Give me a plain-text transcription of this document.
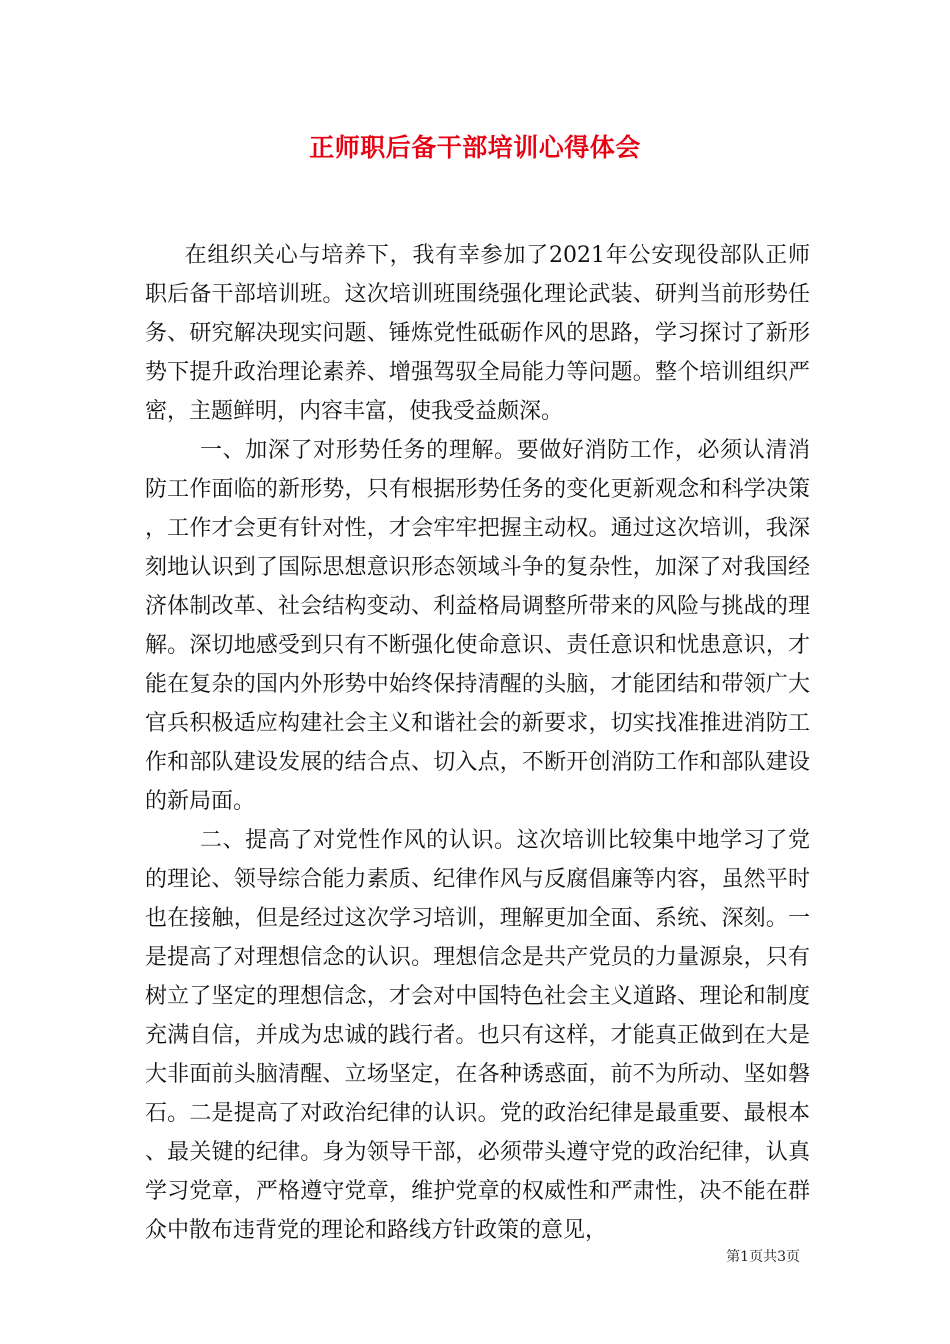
正师职后备干部培训心得体会

在组织关心与培养下，我有幸参加了2021年公安现役部队正师职后备干部培训班。这次培训班围绕强化理论武装、研判当前形势任务、研究解决现实问题、锤炼党性砥砺作风的思路，学习探讨了新形势下提升政治理论素养、增强驾驭全局能力等问题。整个培训组织严密，主题鲜明，内容丰富，使我受益颇深。

一、加深了对形势任务的理解。要做好消防工作，必须认清消防工作面临的新形势，只有根据形势任务的变化更新观念和科学决策，工作才会更有针对性，才会牢牢把握主动权。通过这次培训，我深刻地认识到了国际思想意识形态领域斗争的复杂性，加深了对我国经济体制改革、社会结构变动、利益格局调整所带来的风险与挑战的理解。深切地感受到只有不断强化使命意识、责任意识和忧患意识，才能在复杂的国内外形势中始终保持清醒的头脑，才能团结和带领广大官兵积极适应构建社会主义和谐社会的新要求，切实找准推进消防工作和部队建设发展的结合点、切入点，不断开创消防工作和部队建设的新局面。

二、提高了对党性作风的认识。这次培训比较集中地学习了党的理论、领导综合能力素质、纪律作风与反腐倡廉等内容，虽然平时也在接触，但是经过这次学习培训，理解更加全面、系统、深刻。一是提高了对理想信念的认识。理想信念是共产党员的力量源泉，只有树立了坚定的理想信念，才会对中国特色社会主义道路、理论和制度充满自信，并成为忠诚的践行者。也只有这样，才能真正做到在大是大非面前头脑清醒、立场坚定，在各种诱惑面，前不为所动、坚如磐石。二是提高了对政治纪律的认识。党的政治纪律是最重要、最根本、最关键的纪律。身为领导干部，必须带头遵守党的政治纪律，认真学习党章，严格遵守党章，维护党章的权威性和严肃性，决不能在群众中散布违背党的理论和路线方针政策的意见，

第1页共3页
